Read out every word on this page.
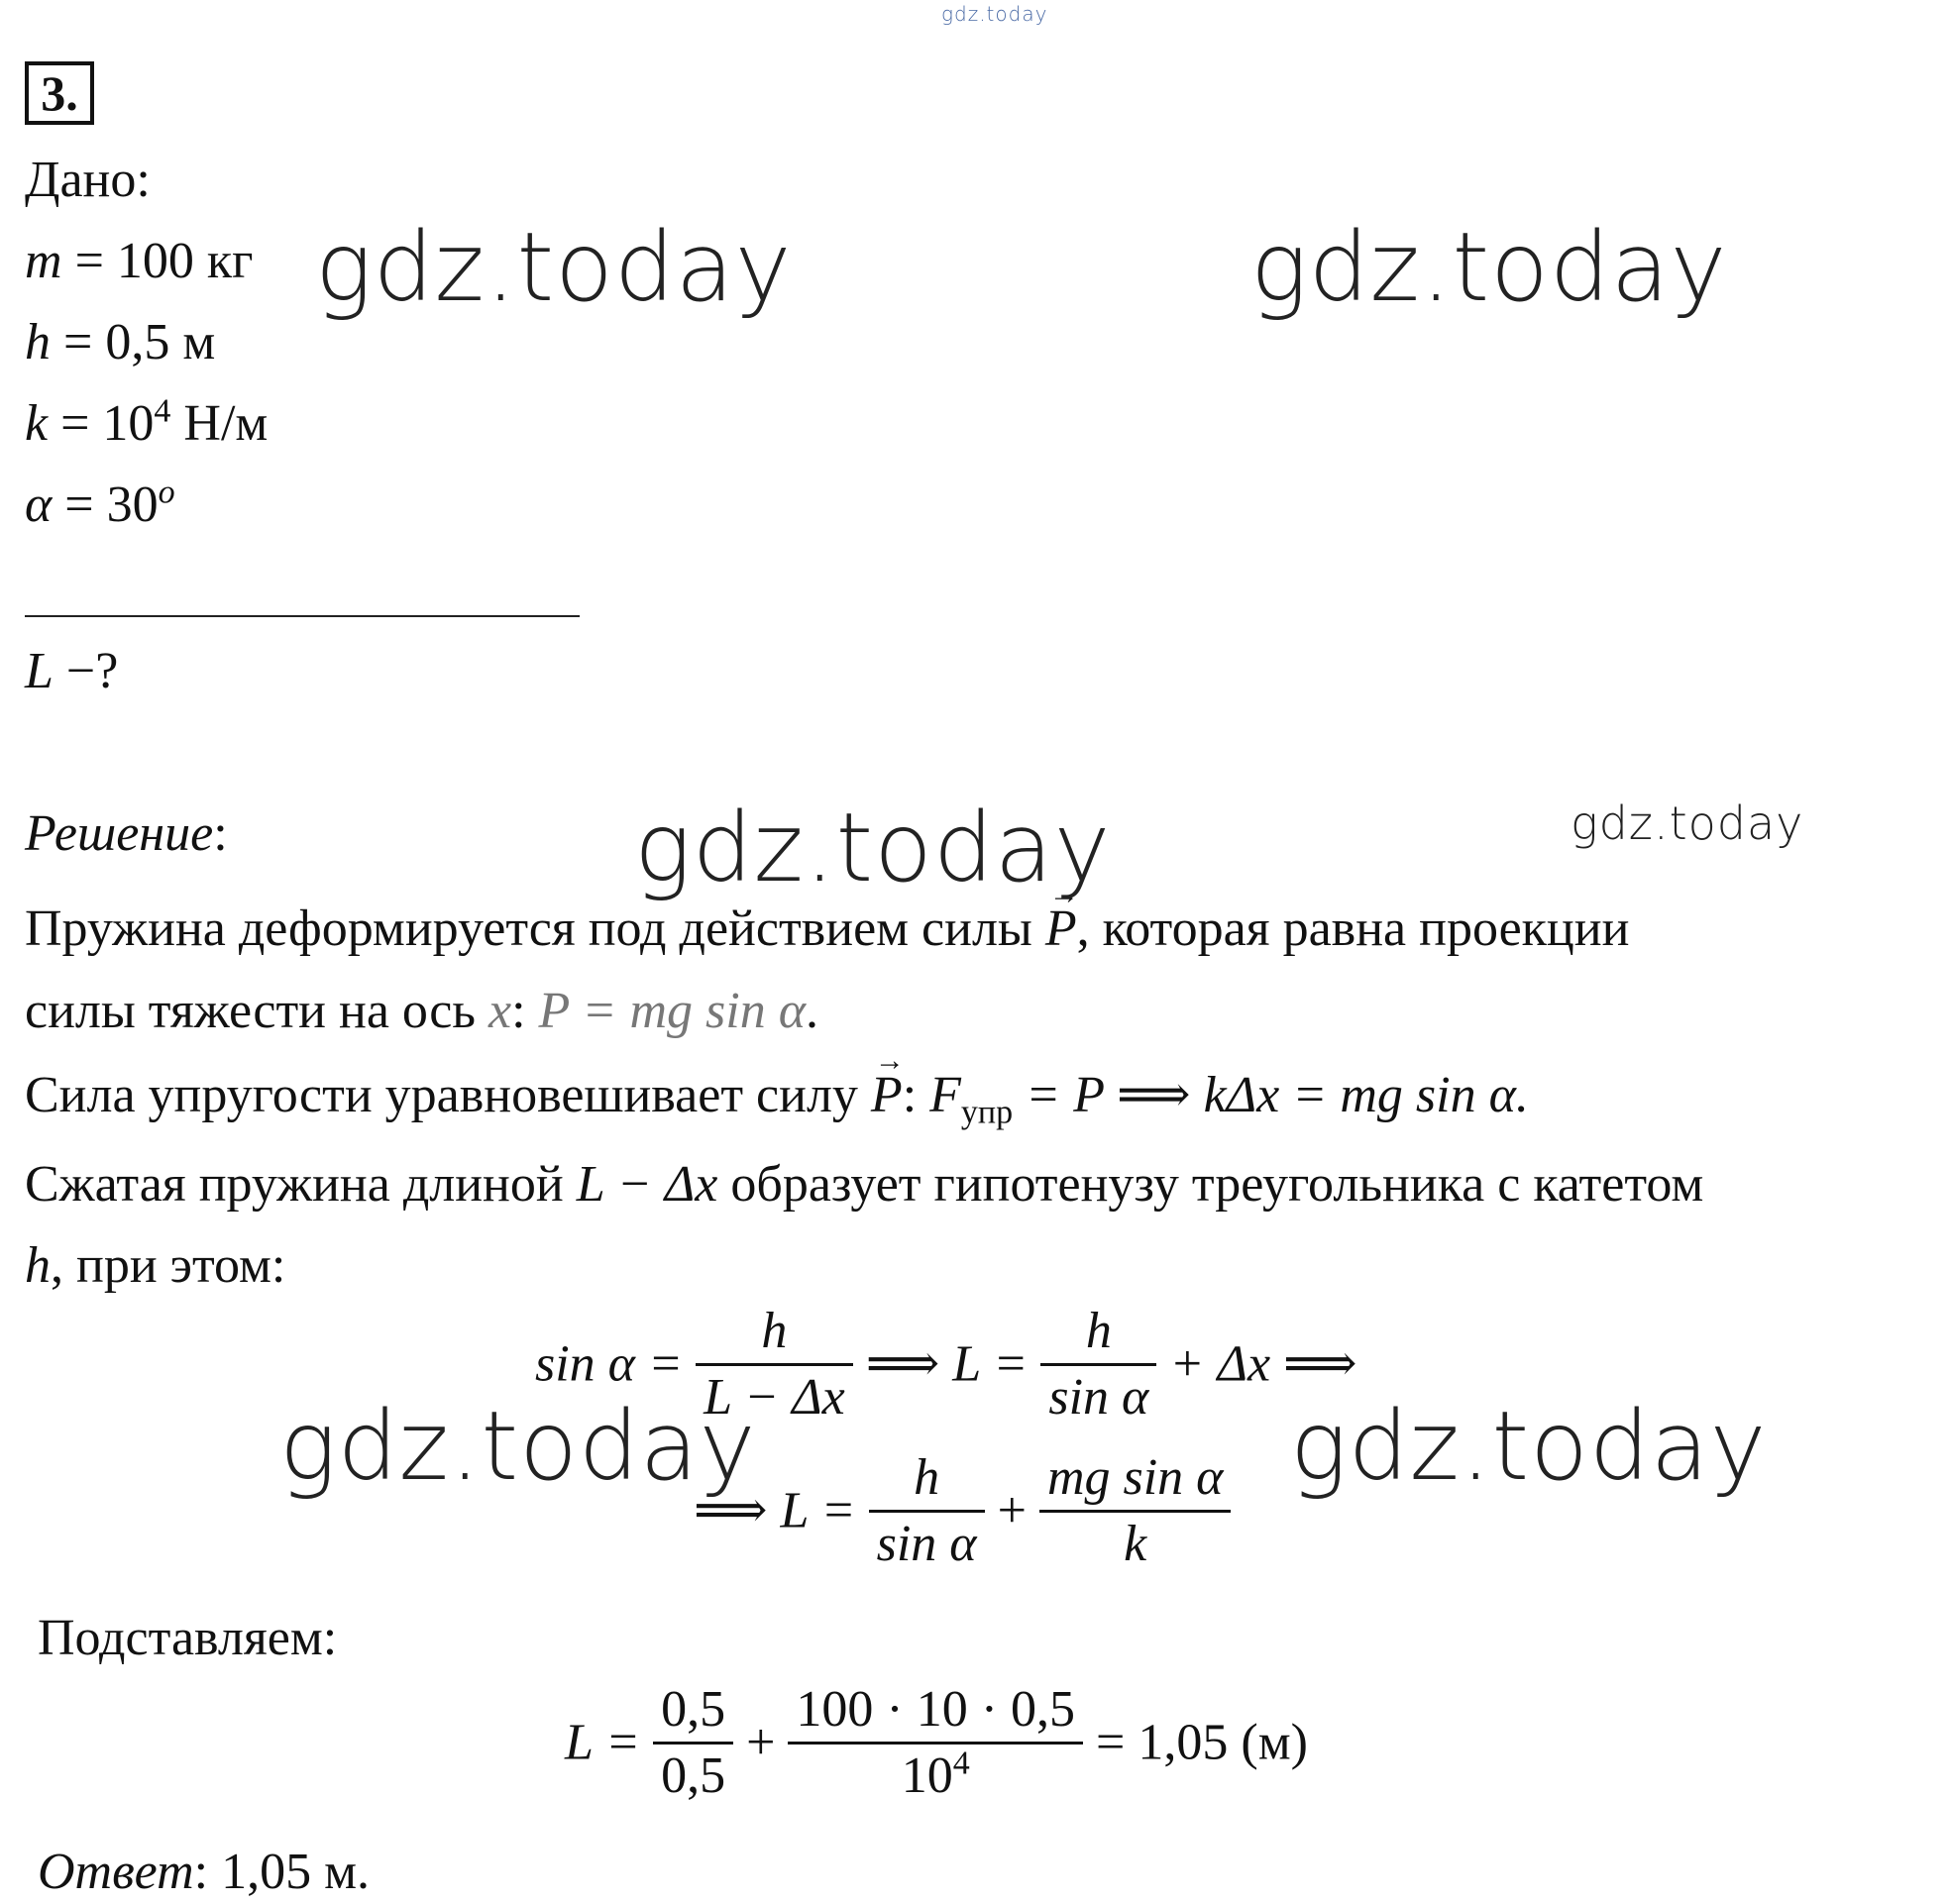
gdz.today
3.
Дано:
m = 100 кг
h = 0,5 м
$k = 10^4$ Н/м
$\alpha = 30^o$
L −?
Решение:
Пружина деформируется под действием силы → P, которая равна проекции
силы тяжести на ось x: P = mg sin α.
Сила упругости уравновешивает силу → P: $F_{упр} = P$ ⟹ kΔx = mg sin α.
Сжатая пружина длиной L − Δx образует гипотенузу треугольника с катетом
h, при этом:
$\sin \alpha = \frac{h}{L - \Delta x}$ ⟹ $L = \frac{h}{\text{sin α}} + \Delta x$ ⟹
⟹ $L = \frac{h}{\text{sin α}} + \frac{\text{mg sin α}}{k}$
Подставляем:
$L = \frac{0,5}{0,5} + \frac{100 \cdot 10 \cdot 0,5}{10^4} = 1,05$ (м)
Ответ: 1,05 м.
gdz.today	gdz.today
gdz.today	gdz.today
gdz.today	gdz.today
